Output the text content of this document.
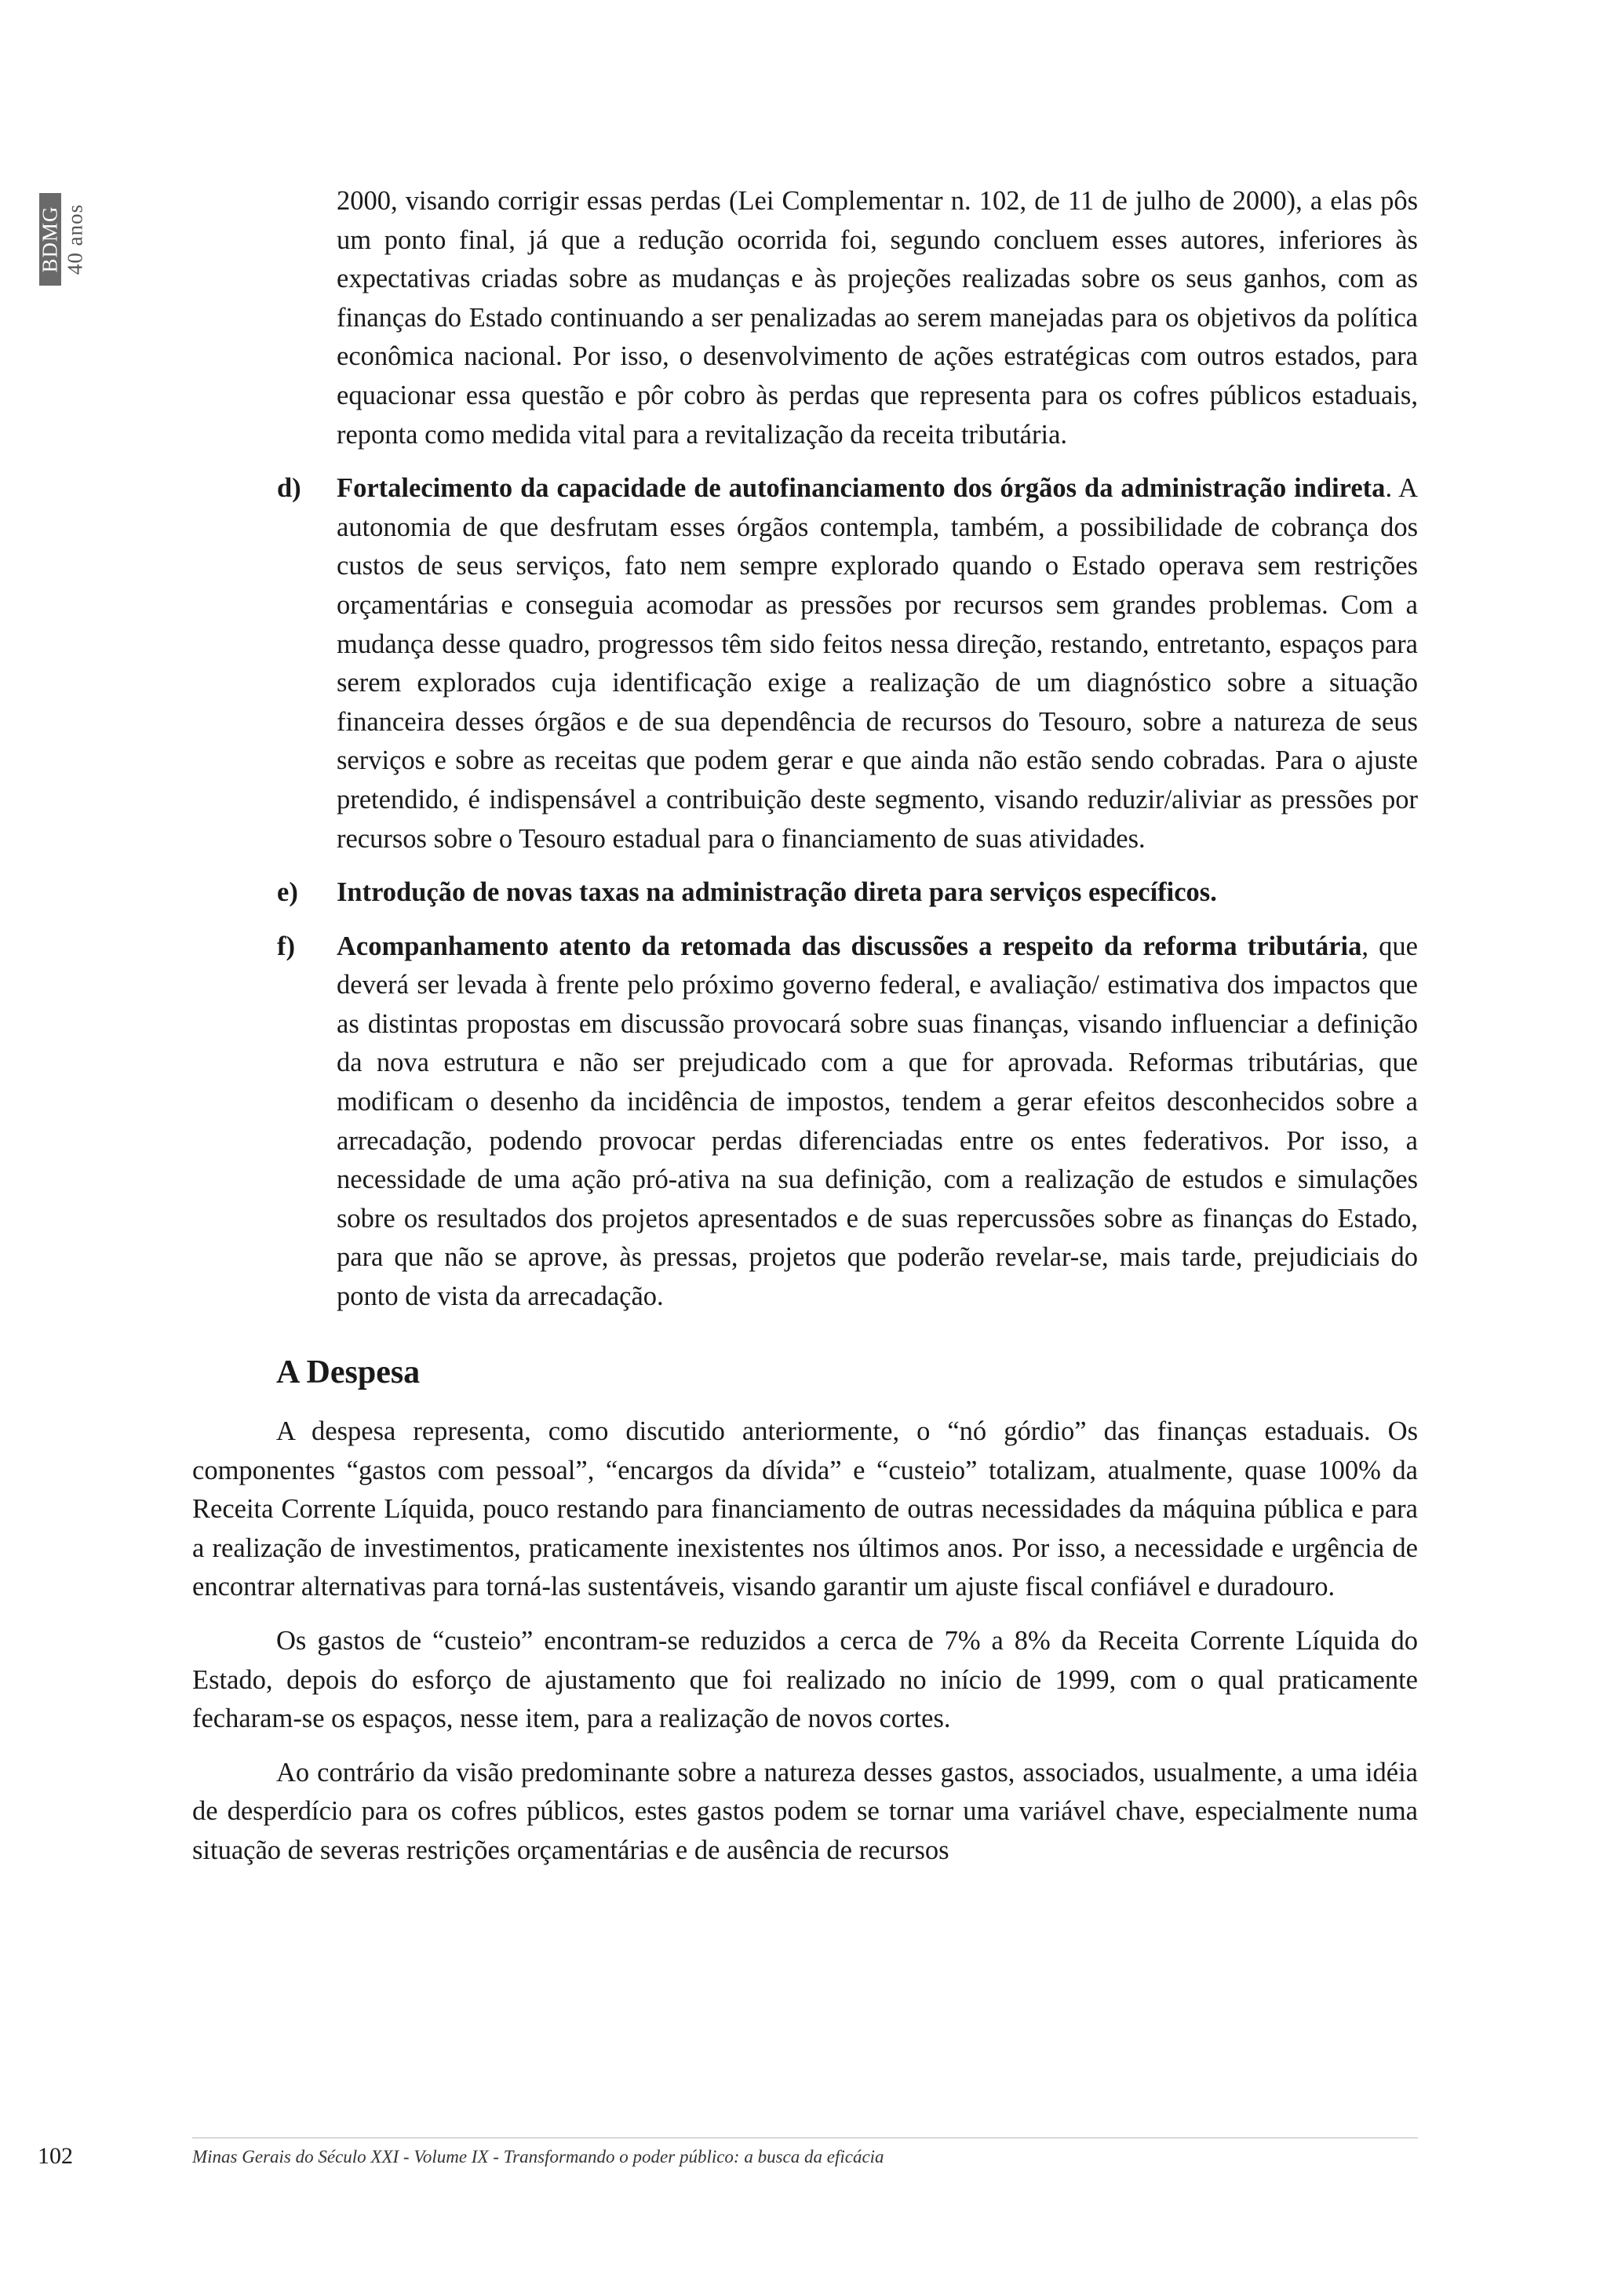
BDMG 40 anos

2000, visando corrigir essas perdas (Lei Complementar n. 102, de 11 de julho de 2000), a elas pôs um ponto final, já que a redução ocorrida foi, segundo concluem esses autores, inferiores às expectativas criadas sobre as mudanças e às projeções realizadas sobre os seus ganhos, com as finanças do Estado continuando a ser penalizadas ao serem manejadas para os objetivos da política econômica nacional. Por isso, o desenvolvimento de ações estratégicas com outros estados, para equacionar essa questão e pôr cobro às perdas que representa para os cofres públicos estaduais, reponta como medida vital para a revitalização da receita tributária.

d) Fortalecimento da capacidade de autofinanciamento dos órgãos da administração indireta. A autonomia de que desfrutam esses órgãos contempla, também, a possibilidade de cobrança dos custos de seus serviços, fato nem sempre explorado quando o Estado operava sem restrições orçamentárias e conseguia acomodar as pressões por recursos sem grandes problemas. Com a mudança desse quadro, progressos têm sido feitos nessa direção, restando, entretanto, espaços para serem explorados cuja identificação exige a realização de um diagnóstico sobre a situação financeira desses órgãos e de sua dependência de recursos do Tesouro, sobre a natureza de seus serviços e sobre as receitas que podem gerar e que ainda não estão sendo cobradas. Para o ajuste pretendido, é indispensável a contribuição deste segmento, visando reduzir/aliviar as pressões por recursos sobre o Tesouro estadual para o financiamento de suas atividades.

e) Introdução de novas taxas na administração direta para serviços específicos.

f) Acompanhamento atento da retomada das discussões a respeito da reforma tributária, que deverá ser levada à frente pelo próximo governo federal, e avaliação/ estimativa dos impactos que as distintas propostas em discussão provocará sobre suas finanças, visando influenciar a definição da nova estrutura e não ser prejudicado com a que for aprovada. Reformas tributárias, que modificam o desenho da incidência de impostos, tendem a gerar efeitos desconhecidos sobre a arrecadação, podendo provocar perdas diferenciadas entre os entes federativos. Por isso, a necessidade de uma ação pró-ativa na sua definição, com a realização de estudos e simulações sobre os resultados dos projetos apresentados e de suas repercussões sobre as finanças do Estado, para que não se aprove, às pressas, projetos que poderão revelar-se, mais tarde, prejudiciais do ponto de vista da arrecadação.

A Despesa

A despesa representa, como discutido anteriormente, o “nó górdio” das finanças estaduais. Os componentes “gastos com pessoal”, “encargos da dívida” e “custeio” totalizam, atualmente, quase 100% da Receita Corrente Líquida, pouco restando para financiamento de outras necessidades da máquina pública e para a realização de investimentos, praticamente inexistentes nos últimos anos. Por isso, a necessidade e urgência de encontrar alternativas para torná-las sustentáveis, visando garantir um ajuste fiscal confiável e duradouro.

Os gastos de “custeio” encontram-se reduzidos a cerca de 7% a 8% da Receita Corrente Líquida do Estado, depois do esforço de ajustamento que foi realizado no início de 1999, com o qual praticamente fecharam-se os espaços, nesse item, para a realização de novos cortes.

Ao contrário da visão predominante sobre a natureza desses gastos, associados, usualmente, a uma idéia de desperdício para os cofres públicos, estes gastos podem se tornar uma variável chave, especialmente numa situação de severas restrições orçamentárias e de ausência de recursos

102	Minas Gerais do Século XXI - Volume IX - Transformando o poder público: a busca da eficácia
